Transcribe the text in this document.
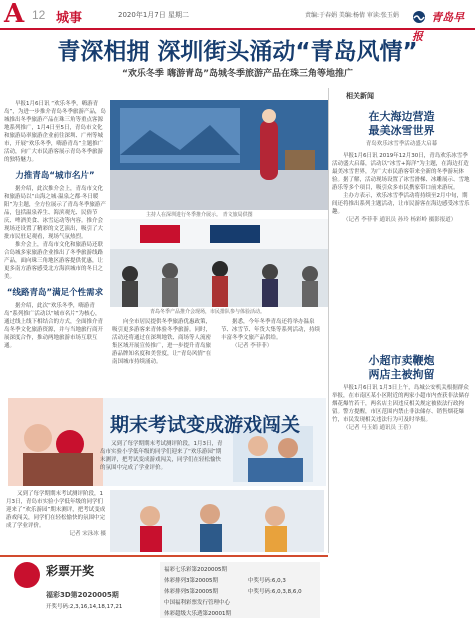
A 12 城事	2020年1月7日 星期二	责编:于春娟 美编:杨倩 审读:张玉娟	青岛早报
青深相拥 深圳街头涌动“青岛风情”
“欢乐冬季 嗨游青岛”岛城冬季旅游产品在珠三角等地推广

早报1月6日讯 “欢乐冬季，嗨游青岛”，为进一步推介青岛冬季旅游产品，岛城推出冬季旅游产品在珠三角等重点客源地系列推广，1月4日至5日，青岛市文化和旅游局率旅游企业前往深圳、广州等城市，开展“欢乐冬季，嗨游青岛”主题推广活动，向广大市民游客展示青岛冬季旅游的独特魅力。

力推青岛“城市名片”

据介绍，此次推介会上，青岛市文化和旅游局以“山海之城·温泉之都·冬日暖阳”为主题，全方位展示了青岛冬季旅游产品，包括温泉养生、海滨观光、民俗节庆、啤酒美食、冰雪运动等内容。推介会现场还设置了精彩的文艺演出，吸引了大批市民驻足观看，现场气氛热烈。

推介会上，青岛市文化和旅游局还联合岛城多家旅游企业推出了冬季旅游线路产品，面向珠三角地区游客提供优惠，让更多南方游客感受北方海滨城市的冬日之美。

“线路青岛”满足个性需求

据介绍，此次“欢乐冬季，嗨游青岛”系列推广活动以“城市名片”为核心，通过线上线下相结合的方式，全面推介青岛冬季文化旅游资源，并与当地旅行商开展深度合作，推动两地旅游市场互联互通。

主持人在深圳进行冬季推介展示。 青文旅局供图
青岛冬季产品推介会现场，市民排队参与体验活动。

向全市居民提供冬季旅游优惠政策，吸引更多游客来青体验冬季旅游。同时，活动还将通过在深圳地铁、商场等人流密集区域开展宣传推广，进一步提升青岛旅游品牌知名度和美誉度，让“青岛风情”在南国城市持续涌动。

据悉，今年冬季青岛还将举办温泉节、冰雪节、年货大集等系列活动，持续丰富冬季文旅产品供给。

（记者 李菲菲）

相关新闻
在大海边营造
最美冰雪世界
青岛欢乐冰雪季活动盛大启幕

早报1月6日讯 2019年12月30日，青岛欢乐冰雪季活动盛大启幕，活动以“冰雪+海洋”为主题，在海边打造最美冰雪世界，为广大市民游客带来全新的冬季游玩体验。据了解，活动现场设置了冰雪滑梯、冰雕展示、雪地游乐等多个项目，吸引众多市民携家带口前来游玩。

主办方表示，欢乐冰雪季活动将持续至2月中旬，期间还将推出系列主题活动，让市民游客在海边感受冰雪乐趣。

（记者 李菲菲 通讯员 孙玲 杨彩岭 摄影报道）

小超市卖鞭炮
两店主被拘留

早报1月6日讯 1月3日上午，岛城公安机关根据群众举报，在市南区某小区附近的两家小超市内查获非法储存烟花爆竹若干，两名店主因违反相关规定被依法行政拘留。警方提醒，市区范围内禁止非法储存、销售烟花爆竹，市民发现相关违法行为可及时举报。

（记者 马玉娟 通讯员 王蓓）

期末考试变成游戏闯关

又到了每学期期末考试测评阶段，1月3日，青岛市实验小学低年级的同学们迎来了“欢乐游园”期末测评，把考试变成游戏闯关，同学们在轻松愉快的氛围中完成了学业评价。

又到了每学期期末考试测评阶段，1月3日，青岛市实验小学低年级的同学们迎来了“欢乐游园”期末测评，把考试变成游戏闯关，同学们在轻松愉快的氛围中完成了学业评价。

记者 宋泳冰 摄

彩票开奖
福彩3D第2020005期
开奖号码:2,3,16,14,18,17,21
福彩七乐彩第2020005期
体彩排列3第20005期	中奖号码:6,0,3
体彩排列5第20005期	中奖号码:6,0,3,8,6,0
中国福利彩票发行管理中心
体彩超级大乐透第20001期
